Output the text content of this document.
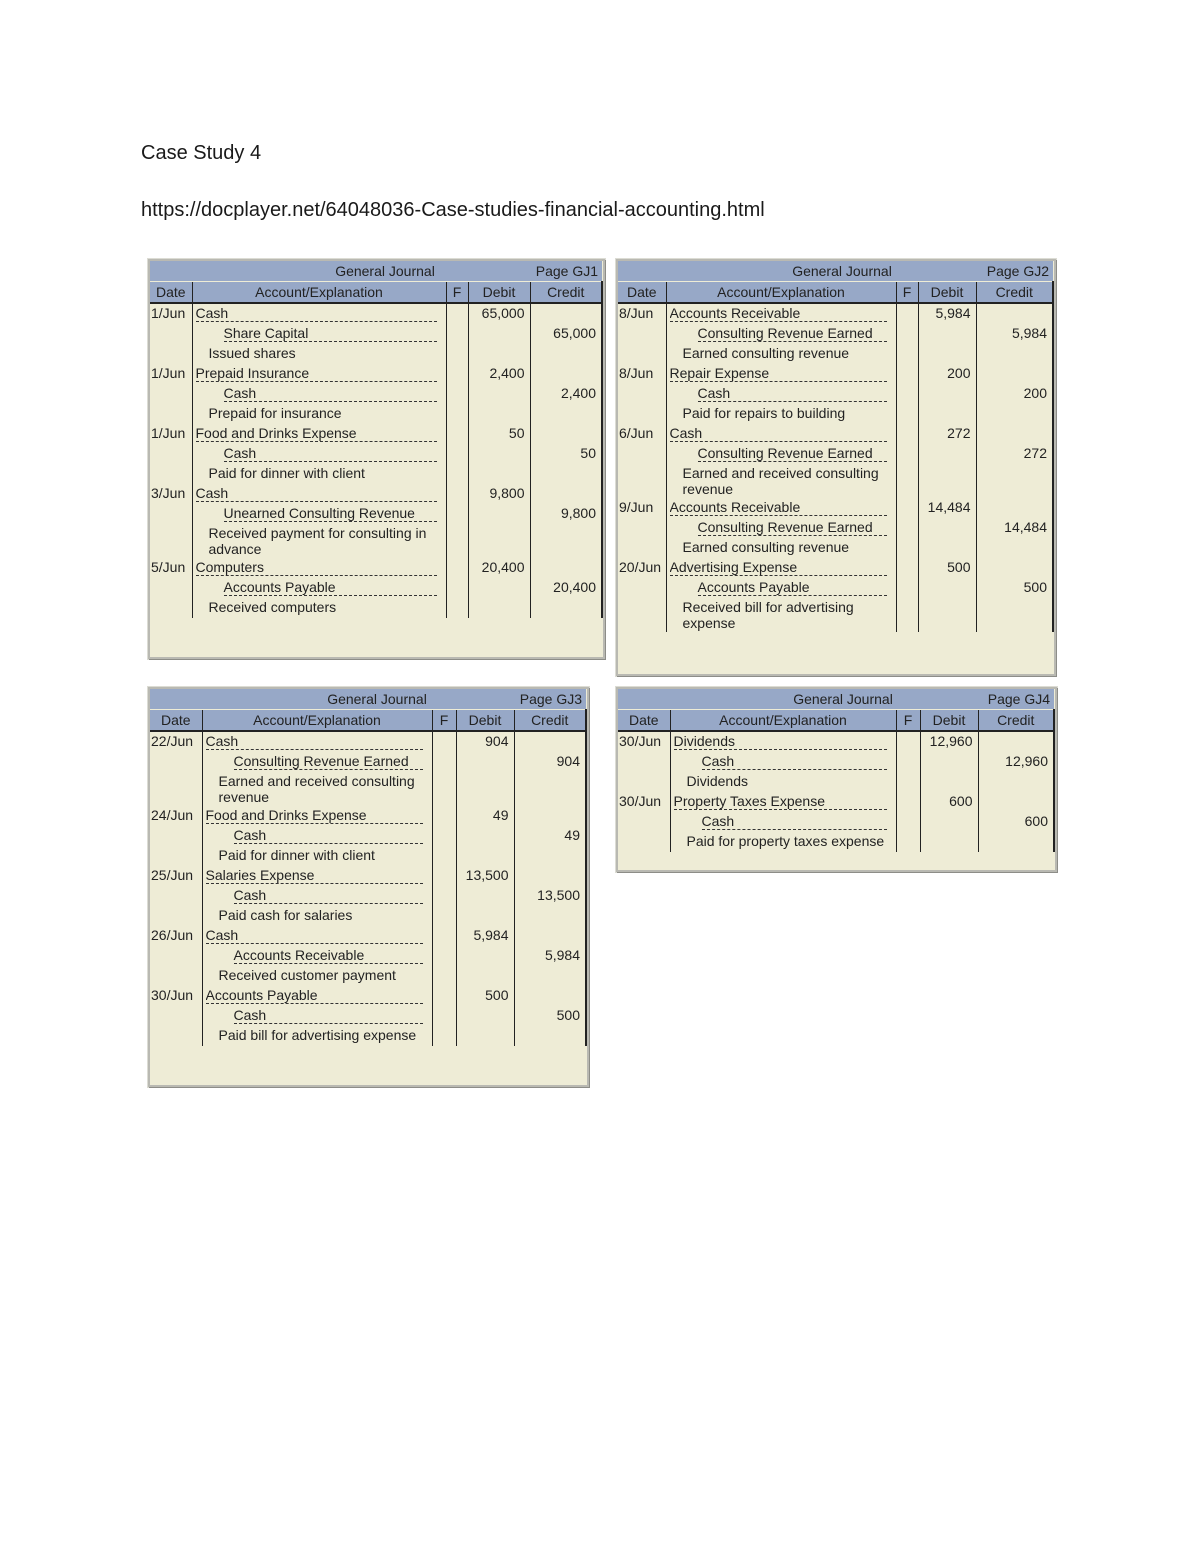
Case Study 4

https://docplayer.net/64048036-Case-studies-financial-accounting.html

General Journal				Page GJ1
Date	Account/Explanation	F	Debit	Credit
1/Jun	Cash		65,000	

	Share Capital			65,000

	Issued shares			

1/Jun	Prepaid Insurance		2,400	

	Cash			2,400

	Prepaid for insurance			

1/Jun	Food and Drinks Expense		50	

	Cash			50

	Paid for dinner with client			

3/Jun	Cash		9,800	

	Unearned Consulting Revenue			9,800

	Received payment for consulting in advance			

5/Jun	Computers		20,400	

	Accounts Payable			20,400

	Received computers			

General Journal				Page GJ2
Date	Account/Explanation	F	Debit	Credit
8/Jun	Accounts Receivable		5,984	

	Consulting Revenue Earned			5,984

	Earned consulting revenue			

8/Jun	Repair Expense		200	

	Cash			200

	Paid for repairs to building			

6/Jun	Cash		272	

	Consulting Revenue Earned			272

	Earned and received consulting revenue			

9/Jun	Accounts Receivable		14,484	

	Consulting Revenue Earned			14,484

	Earned consulting revenue			

20/Jun	Advertising Expense		500	

	Accounts Payable			500

	Received bill for advertising expense			

General Journal				Page GJ3
Date	Account/Explanation	F	Debit	Credit
22/Jun	Cash		904	

	Consulting Revenue Earned			904

	Earned and received consulting revenue			

24/Jun	Food and Drinks Expense		49	

	Cash			49

	Paid for dinner with client			

25/Jun	Salaries Expense		13,500	

	Cash			13,500

	Paid cash for salaries			

26/Jun	Cash		5,984	

	Accounts Receivable			5,984

	Received customer payment			

30/Jun	Accounts Payable		500	

	Cash			500

	Paid bill for advertising expense			

General Journal				Page GJ4
Date	Account/Explanation	F	Debit	Credit
30/Jun	Dividends		12,960	

	Cash			12,960

	Dividends			

30/Jun	Property Taxes Expense		600	

	Cash			600

	Paid for property taxes expense			
